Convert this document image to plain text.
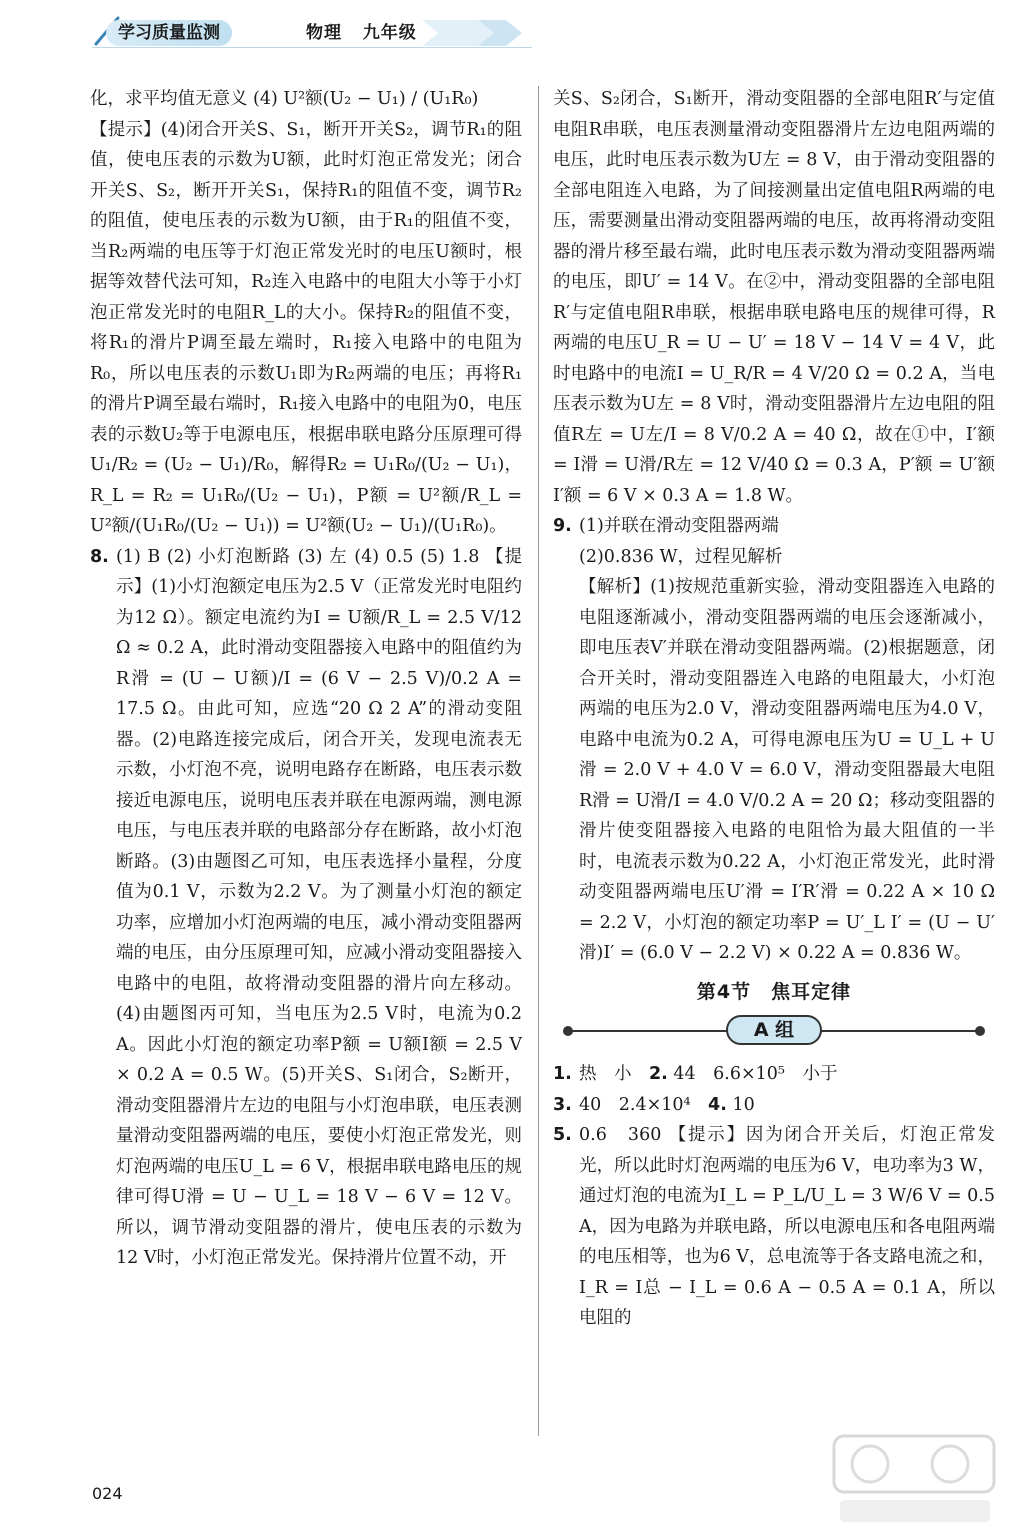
学习质量监测	物理 九年级

化，求平均值无意义 (4) U²额(U₂ − U₁) / (U₁R₀)

【提示】(4)闭合开关S、S₁，断开开关S₂，调节R₁的阻值，使电压表的示数为U额，此时灯泡正常发光；闭合开关S、S₂，断开开关S₁，保持R₁的阻值不变，调节R₂的阻值，使电压表的示数为U额，由于R₁的阻值不变，当R₂两端的电压等于灯泡正常发光时的电压U额时，根据等效替代法可知，R₂连入电路中的电阻大小等于小灯泡正常发光时的电阻R_L的大小。保持R₂的阻值不变，将R₁的滑片P调至最左端时，R₁接入电路中的电阻为R₀，所以电压表的示数U₁即为R₂两端的电压；再将R₁的滑片P调至最右端时，R₁接入电路中的电阻为0，电压表的示数U₂等于电源电压，根据串联电路分压原理可得U₁/R₂ = (U₂ − U₁)/R₀，解得R₂ = U₁R₀/(U₂ − U₁)，R_L = R₂ = U₁R₀/(U₂ − U₁)，P额 = U²额/R_L = U²额/(U₁R₀/(U₂ − U₁)) = U²额(U₂ − U₁)/(U₁R₀)。

8. (1) B (2) 小灯泡断路 (3) 左 (4) 0.5 (5) 1.8 【提示】(1)小灯泡额定电压为2.5 V（正常发光时电阻约为12 Ω）。额定电流约为I = U额/R_L = 2.5 V/12 Ω ≈ 0.2 A，此时滑动变阻器接入电路中的阻值约为R滑 = (U − U额)/I = (6 V − 2.5 V)/0.2 A = 17.5 Ω。由此可知，应选“20 Ω 2 A”的滑动变阻器。(2)电路连接完成后，闭合开关，发现电流表无示数，小灯泡不亮，说明电路存在断路，电压表示数接近电源电压，说明电压表并联在电源两端，测电源电压，与电压表并联的电路部分存在断路，故小灯泡断路。(3)由题图乙可知，电压表选择小量程，分度值为0.1 V，示数为2.2 V。为了测量小灯泡的额定功率，应增加小灯泡两端的电压，减小滑动变阻器两端的电压，由分压原理可知，应减小滑动变阻器接入电路中的电阻，故将滑动变阻器的滑片向左移动。(4)由题图丙可知，当电压为2.5 V时，电流为0.2 A。因此小灯泡的额定功率P额 = U额I额 = 2.5 V × 0.2 A = 0.5 W。(5)开关S、S₁闭合，S₂断开，滑动变阻器滑片左边的电阻与小灯泡串联，电压表测量滑动变阻器两端的电压，要使小灯泡正常发光，则灯泡两端的电压U_L = 6 V，根据串联电路电压的规律可得U滑 = U − U_L = 18 V − 6 V = 12 V。所以，调节滑动变阻器的滑片，使电压表的示数为12 V时，小灯泡正常发光。保持滑片位置不动，开

关S、S₂闭合，S₁断开，滑动变阻器的全部电阻R′与定值电阻R串联，电压表测量滑动变阻器滑片左边电阻两端的电压，此时电压表示数为U左 = 8 V，由于滑动变阻器的全部电阻连入电路，为了间接测量出定值电阻R两端的电压，需要测量出滑动变阻器两端的电压，故再将滑动变阻器的滑片移至最右端，此时电压表示数为滑动变阻器两端的电压，即U′ = 14 V。在②中，滑动变阻器的全部电阻R′与定值电阻R串联，根据串联电路电压的规律可得，R两端的电压U_R = U − U′ = 18 V − 14 V = 4 V，此时电路中的电流I = U_R/R = 4 V/20 Ω = 0.2 A，当电压表示数为U左 = 8 V时，滑动变阻器滑片左边电阻的阻值R左 = U左/I = 8 V/0.2 A = 40 Ω，故在①中，I′额 = I滑 = U滑/R左 = 12 V/40 Ω = 0.3 A，P′额 = U′额 I′额 = 6 V × 0.3 A = 1.8 W。

9. (1)并联在滑动变阻器两端
(2)0.836 W，过程见解析

【解析】(1)按规范重新实验，滑动变阻器连入电路的电阻逐渐减小，滑动变阻器两端的电压会逐渐减小，即电压表V′并联在滑动变阻器两端。(2)根据题意，闭合开关时，滑动变阻器连入电路的电阻最大，小灯泡两端的电压为2.0 V，滑动变阻器两端电压为4.0 V，电路中电流为0.2 A，可得电源电压为U = U_L + U滑 = 2.0 V + 4.0 V = 6.0 V，滑动变阻器最大电阻R滑 = U滑/I = 4.0 V/0.2 A = 20 Ω；移动变阻器的滑片使变阻器接入电路的电阻恰为最大阻值的一半时，电流表示数为0.22 A，小灯泡正常发光，此时滑动变阻器两端电压U′滑 = I′R′滑 = 0.22 A × 10 Ω = 2.2 V，小灯泡的额定功率P = U′_L I′ = (U − U′滑)I′ = (6.0 V − 2.2 V) × 0.22 A = 0.836 W。

第4节　焦耳定律
A 组
1. 热　小　2. 44　6.6×10⁵　小于
3. 40　2.4×10⁴　4. 10
5. 0.6　360 【提示】因为闭合开关后，灯泡正常发光，所以此时灯泡两端的电压为6 V，电功率为3 W，通过灯泡的电流为I_L = P_L/U_L = 3 W/6 V = 0.5 A，因为电路为并联电路，所以电源电压和各电阻两端的电压相等，也为6 V，总电流等于各支路电流之和，I_R = I总 − I_L = 0.6 A − 0.5 A = 0.1 A，所以电阻的

024
